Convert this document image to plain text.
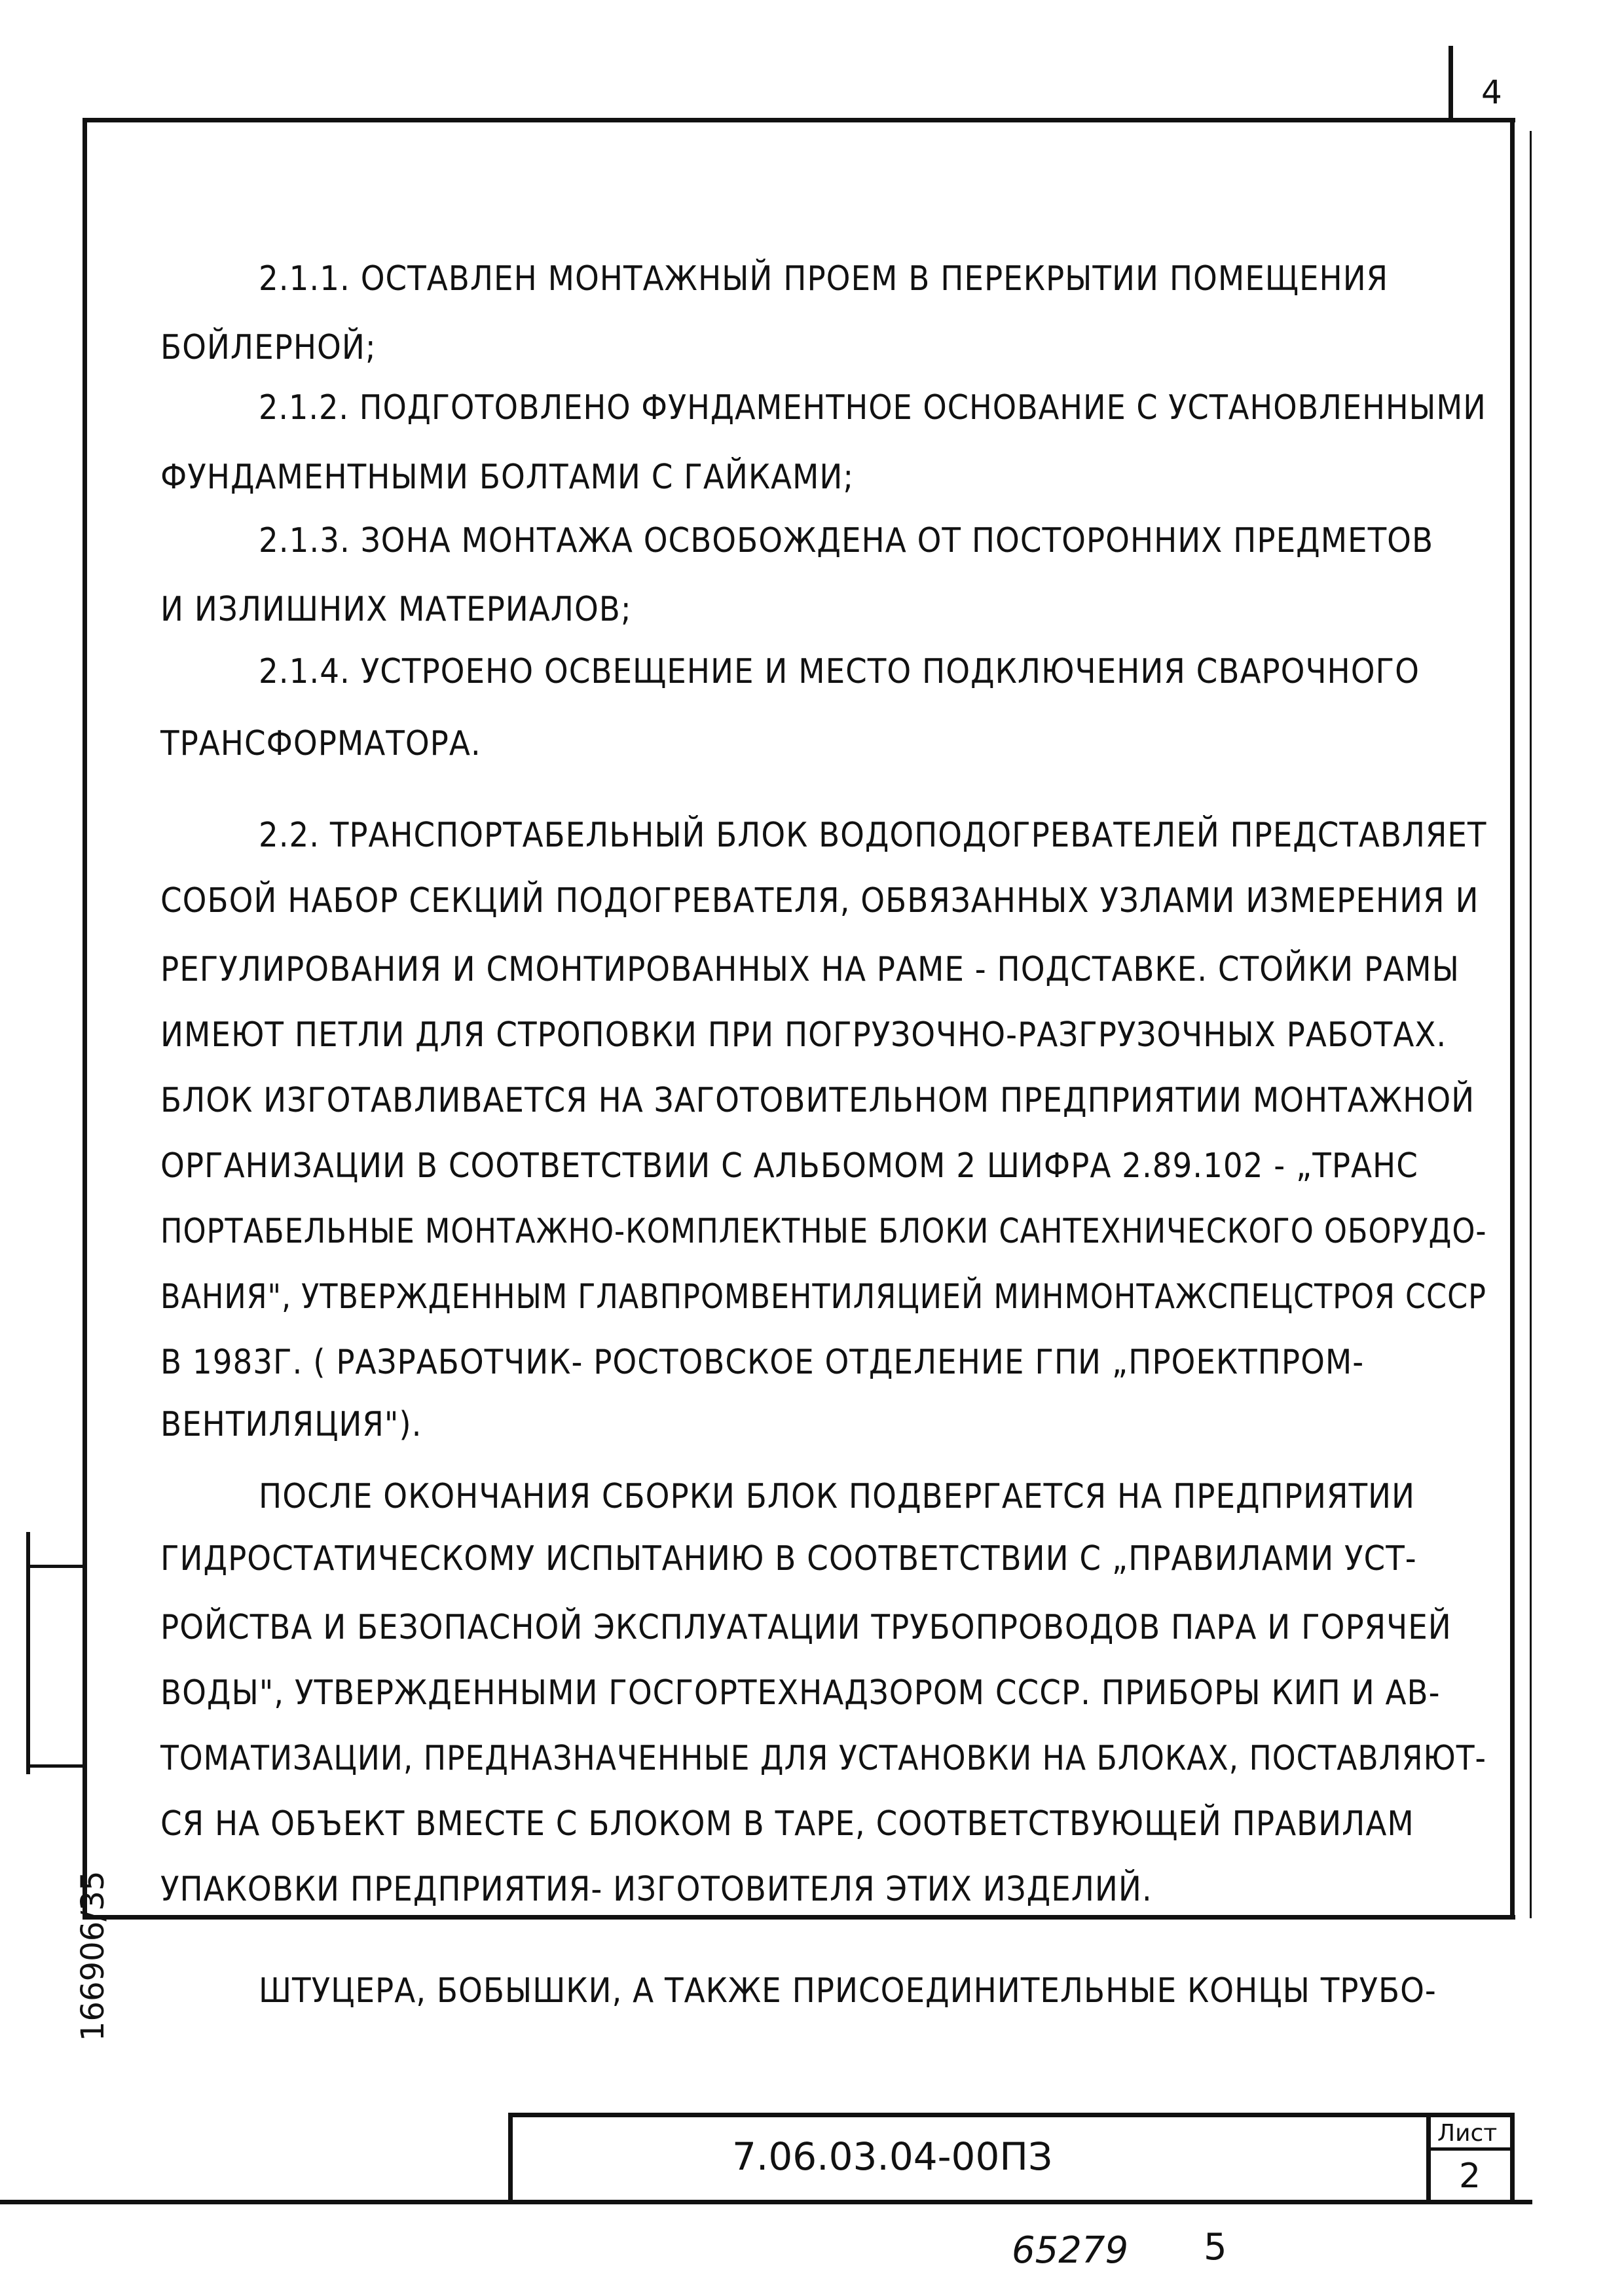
4
166906/35
2.1.1. ОСТАВЛЕН МОНТАЖНЫЙ ПРОЕМ В ПЕРЕКРЫТИИ ПОМЕЩЕНИЯ
БОЙЛЕРНОЙ;
2.1.2. ПОДГОТОВЛЕНО ФУНДАМЕНТНОЕ ОСНОВАНИЕ С УСТАНОВЛЕННЫМИ
ФУНДАМЕНТНЫМИ БОЛТАМИ С ГАЙКАМИ;
2.1.3. ЗОНА МОНТАЖА ОСВОБОЖДЕНА ОТ ПОСТОРОННИХ ПРЕДМЕТОВ
И ИЗЛИШНИХ МАТЕРИАЛОВ;
2.1.4. УСТРОЕНО ОСВЕЩЕНИЕ И МЕСТО ПОДКЛЮЧЕНИЯ СВАРОЧНОГО
ТРАНСФОРМАТОРА.
2.2. ТРАНСПОРТАБЕЛЬНЫЙ БЛОК ВОДОПОДОГРЕВАТЕЛЕЙ ПРЕДСТАВЛЯЕТ
СОБОЙ НАБОР СЕКЦИЙ ПОДОГРЕВАТЕЛЯ, ОБВЯЗАННЫХ УЗЛАМИ ИЗМЕРЕНИЯ И
РЕГУЛИРОВАНИЯ И СМОНТИРОВАННЫХ НА РАМЕ - ПОДСТАВКЕ. СТОЙКИ РАМЫ
ИМЕЮТ ПЕТЛИ ДЛЯ СТРОПОВКИ ПРИ ПОГРУЗОЧНО-РАЗГРУЗОЧНЫХ РАБОТАХ.
БЛОК ИЗГОТАВЛИВАЕТСЯ НА ЗАГОТОВИТЕЛЬНОМ ПРЕДПРИЯТИИ МОНТАЖНОЙ
ОРГАНИЗАЦИИ В СООТВЕТСТВИИ С АЛЬБОМОМ 2 ШИФРА 2.89.102 - „ТРАНС
ПОРТАБЕЛЬНЫЕ МОНТАЖНО-КОМПЛЕКТНЫЕ БЛОКИ САНТЕХНИЧЕСКОГО ОБОРУДО-
ВАНИЯ", УТВЕРЖДЕННЫМ ГЛАВПРОМВЕНТИЛЯЦИЕЙ МИНМОНТАЖСПЕЦСТРОЯ СССР
В 1983Г. ( РАЗРАБОТЧИК- РОСТОВСКОЕ ОТДЕЛЕНИЕ ГПИ „ПРОЕКТПРОМ-
ВЕНТИЛЯЦИЯ").
ПОСЛЕ ОКОНЧАНИЯ СБОРКИ БЛОК ПОДВЕРГАЕТСЯ НА ПРЕДПРИЯТИИ
ГИДРОСТАТИЧЕСКОМУ ИСПЫТАНИЮ В СООТВЕТСТВИИ С „ПРАВИЛАМИ УСТ-
РОЙСТВА И БЕЗОПАСНОЙ ЭКСПЛУАТАЦИИ ТРУБОПРОВОДОВ ПАРА И ГОРЯЧЕЙ
ВОДЫ", УТВЕРЖДЕННЫМИ ГОСГОРТЕХНАДЗОРОМ СССР. ПРИБОРЫ КИП И АВ-
ТОМАТИЗАЦИИ, ПРЕДНАЗНАЧЕННЫЕ ДЛЯ УСТАНОВКИ НА БЛОКАХ, ПОСТАВЛЯЮТ-
СЯ НА ОБЪЕКТ ВМЕСТЕ С БЛОКОМ В ТАРЕ, СООТВЕТСТВУЮЩЕЙ ПРАВИЛАМ
УПАКОВКИ ПРЕДПРИЯТИЯ- ИЗГОТОВИТЕЛЯ ЭТИХ ИЗДЕЛИЙ.
ШТУЦЕРА, БОБЫШКИ, А ТАКЖЕ ПРИСОЕДИНИТЕЛЬНЫЕ КОНЦЫ ТРУБО-
7.06.03.04-00ПЗ
Лист
2
65279 5
